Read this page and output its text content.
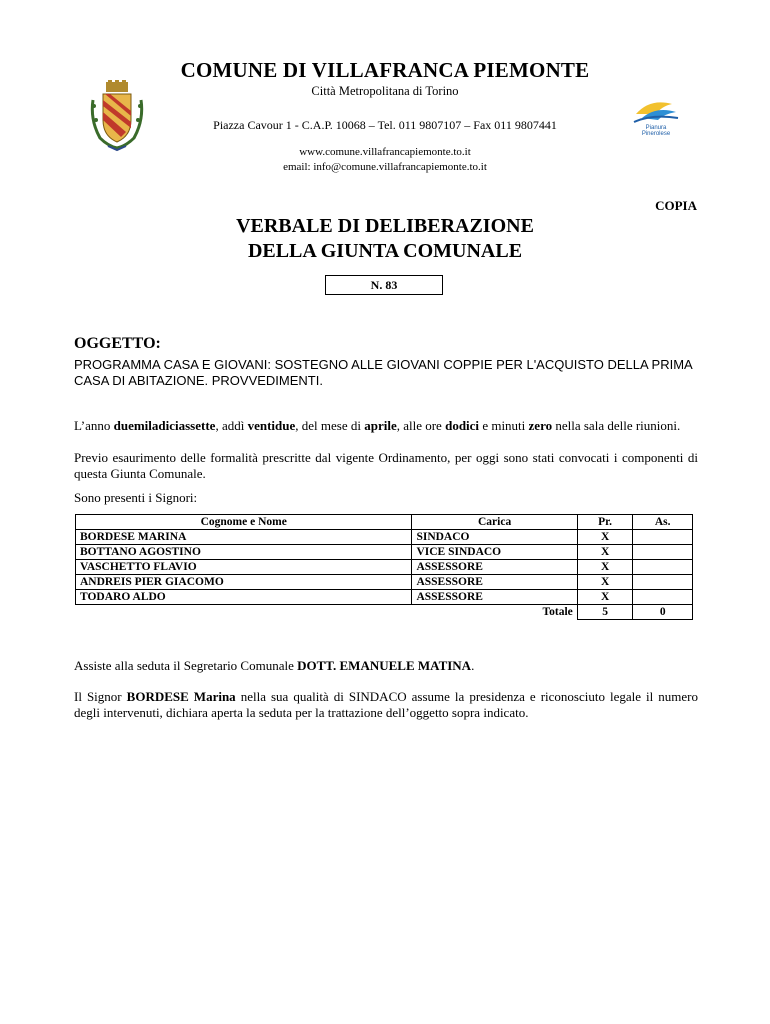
Pianura
Pinerolese
COMUNE DI VILLAFRANCA PIEMONTE
Città Metropolitana di Torino
Piazza Cavour 1 - C.A.P. 10068 – Tel. 011 9807107 – Fax 011 9807441
www.comune.villafrancapiemonte.to.it
email: info@comune.villafrancapiemonte.to.it
COPIA
VERBALE DI DELIBERAZIONE
DELLA GIUNTA COMUNALE
N. 83
OGGETTO:
PROGRAMMA CASA E GIOVANI: SOSTEGNO ALLE GIOVANI COPPIE PER L'ACQUISTO DELLA PRIMA CASA DI ABITAZIONE. PROVVEDIMENTI.
L’anno duemiladiciassette, addì ventidue, del mese di aprile, alle ore dodici e minuti zero nella sala delle riunioni.
Previo esaurimento delle formalità prescritte dal vigente Ordinamento, per oggi sono stati convocati i componenti di questa Giunta Comunale.
Sono presenti i Signori:
Cognome e Nome	Carica	Pr.	As.
BORDESE MARINA	SINDACO	X	
BOTTANO AGOSTINO	VICE SINDACO	X	
VASCHETTO FLAVIO	ASSESSORE	X	
ANDREIS PIER GIACOMO	ASSESSORE	X	
TODARO ALDO	ASSESSORE	X	
	Totale	5	0
Assiste alla seduta il Segretario Comunale DOTT. EMANUELE MATINA.
Il Signor BORDESE Marina nella sua qualità di SINDACO assume la presidenza e riconosciuto legale il numero degli intervenuti, dichiara aperta la seduta per la trattazione dell’oggetto sopra indicato.
